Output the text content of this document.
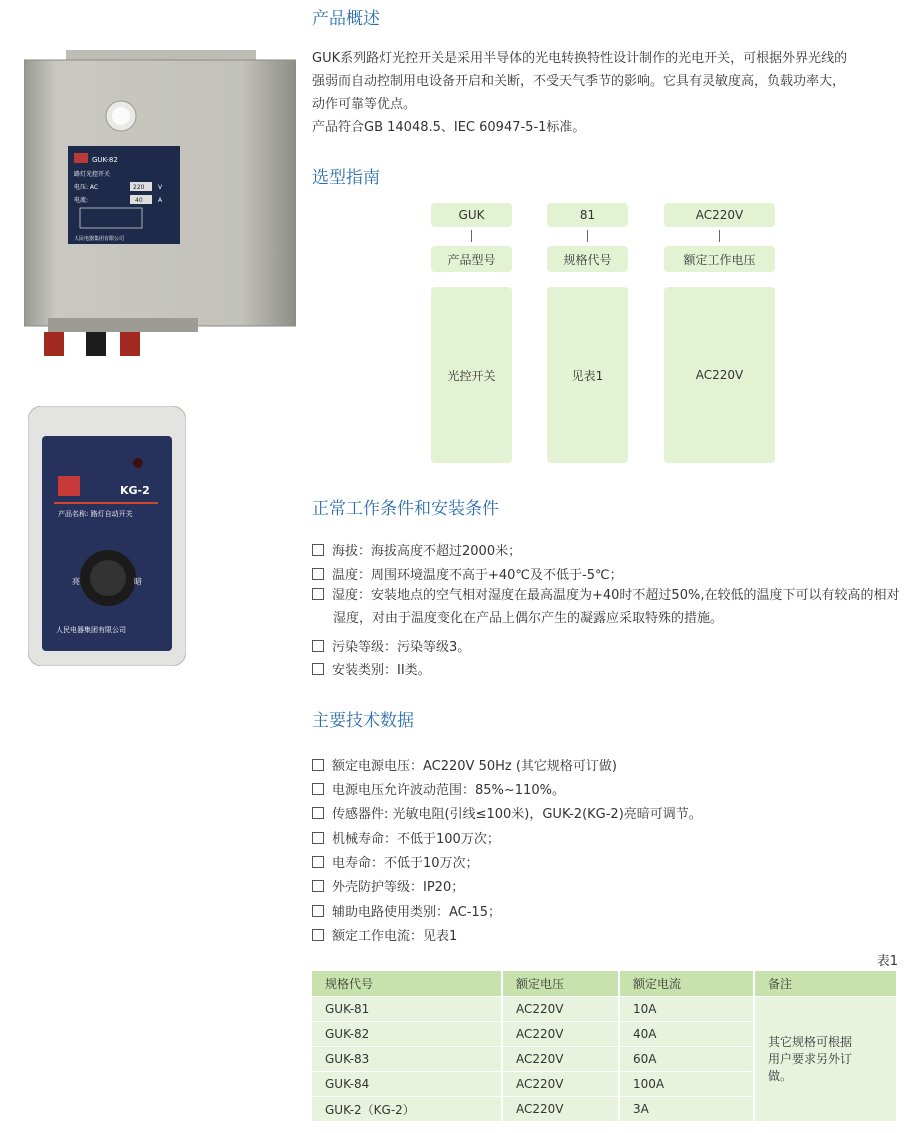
GUK-82
路灯光控开关
电压: AC	220 V
电流:	40	A
人民电器集团有限公司
KG-2
产品名称: 路灯自动开关
亮	暗
人民电器集团有限公司
产品概述
GUK系列路灯光控开关是采用半导体的光电转换特性设计制作的光电开关，可根据外界光线的
强弱而自动控制用电设备开启和关断，不受天气季节的影响。它具有灵敏度高，负载功率大，
动作可靠等优点。
产品符合GB 14048.5、IEC 60947-5-1标准。
选型指南
GUK
产品型号
光控开关
81
规格代号
见表1
AC220V
额定工作电压
AC220V
正常工作条件和安装条件
海拔：海拔高度不超过2000米；
温度：周围环境温度不高于+40℃及不低于-5℃；
湿度：安装地点的空气相对湿度在最高温度为+40时不超过50%,在较低的温度下可以有较高的相对湿度，对由于温度变化在产品上偶尔产生的凝露应采取特殊的措施。
污染等级：污染等级3。
安装类别：II类。
主要技术数据
额定电源电压：AC220V 50Hz (其它规格可订做)
电源电压允许波动范围：85%~110%。
传感器件: 光敏电阻(引线≤100米)，GUK-2(KG-2)亮暗可调节。
机械寿命：不低于100万次；
电寿命：不低于10万次；
外壳防护等级：IP20；
辅助电路使用类别：AC-15；
额定工作电流：见表1
表1
规格代号	额定电压	额定电流	备注
GUK-81	AC220V	10A	其它规格可根据用户要求另外订做。
GUK-82	AC220V	40A	
GUK-83	AC220V	60A	
GUK-84	AC220V	100A	
GUK-2（KG-2）	AC220V	3A	
